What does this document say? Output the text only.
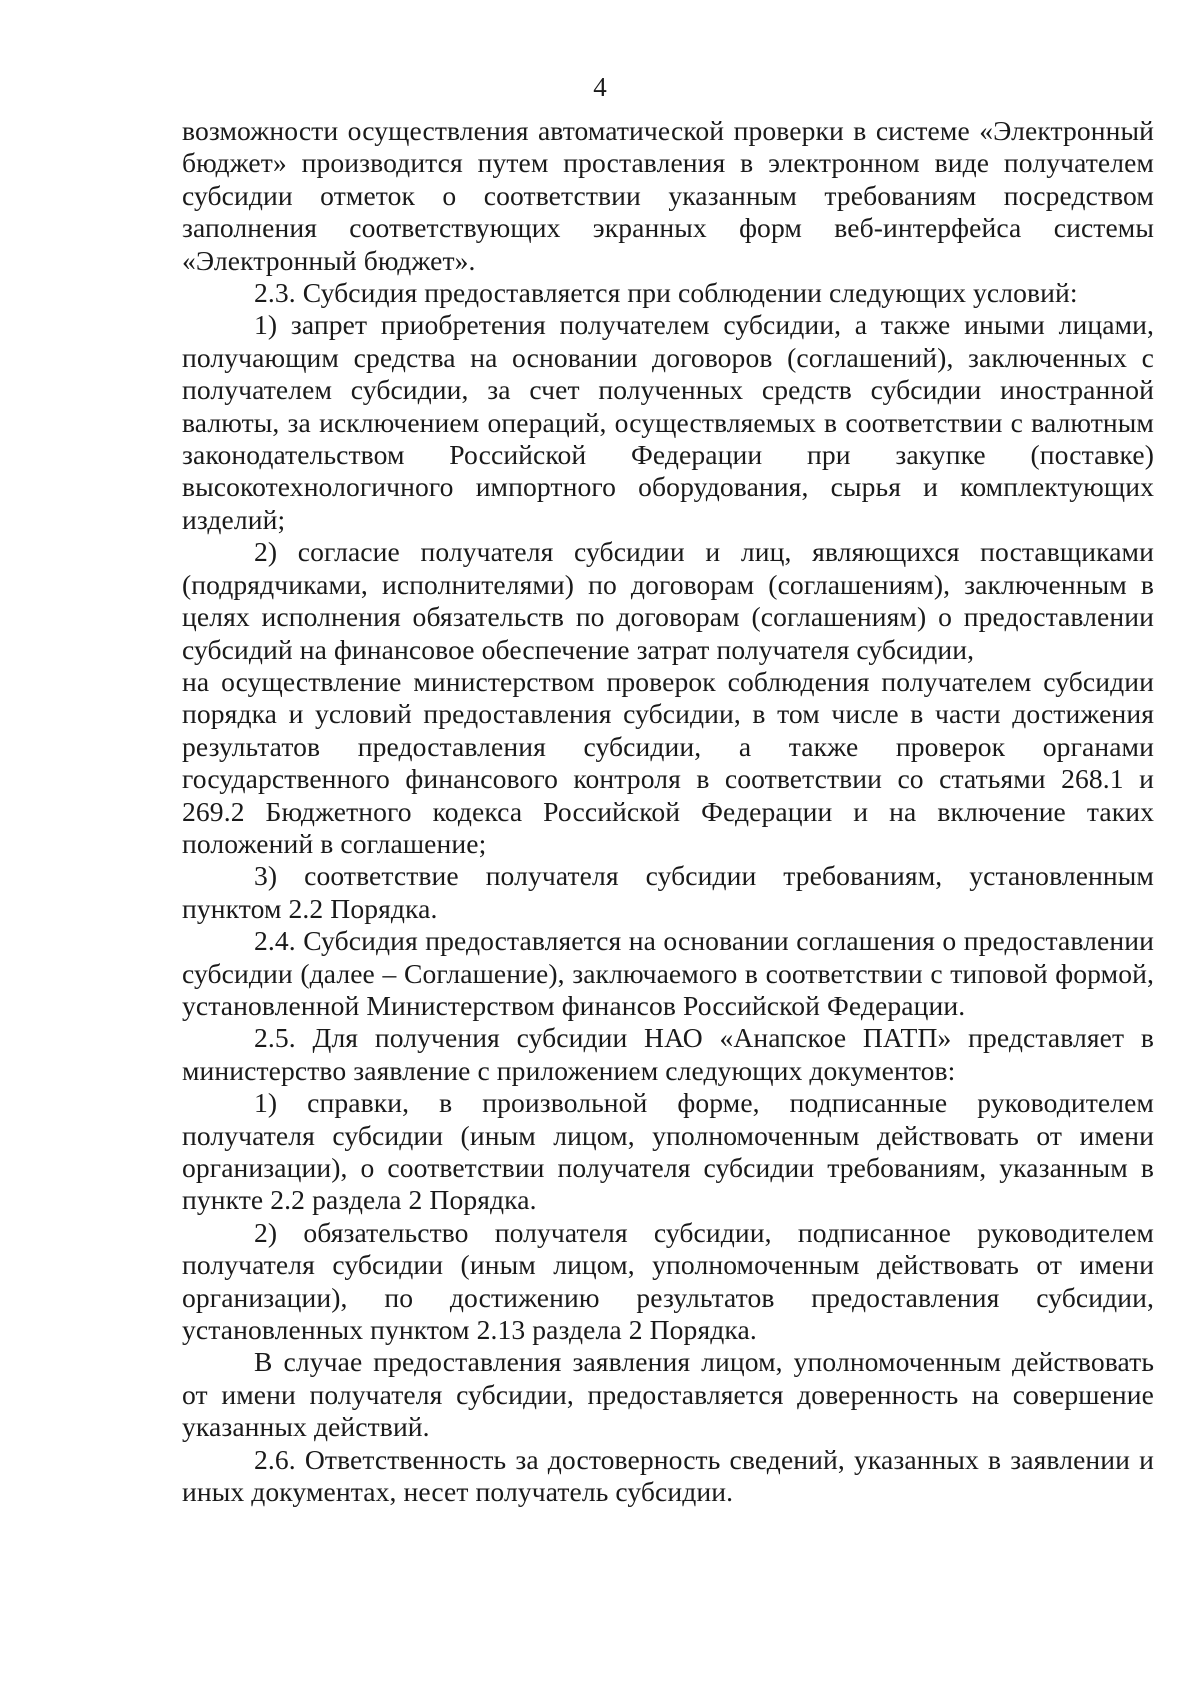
4

возможности осуществления автоматической проверки в системе «Электронный бюджет» производится путем проставления в электронном виде получателем субсидии отметок о соответствии указанным требованиям посредством заполнения соответствующих экранных форм веб-интерфейса системы «Электронный бюджет».

2.3. Субсидия предоставляется при соблюдении следующих условий:

1) запрет приобретения получателем субсидии, а также иными лицами, получающим средства на основании договоров (соглашений), заключенных с получателем субсидии, за счет полученных средств субсидии иностранной валюты, за исключением операций, осуществляемых в соответствии с валютным законодательством Российской Федерации при закупке (поставке) высокотехнологичного импортного оборудования, сырья и комплектующих изделий;

2) согласие получателя субсидии и лиц, являющихся поставщиками (подрядчиками, исполнителями) по договорам (соглашениям), заключенным в целях исполнения обязательств по договорам (соглашениям) о предоставлении субсидий на финансовое обеспечение затрат получателя субсидии,

на осуществление министерством проверок соблюдения получателем субсидии порядка и условий предоставления субсидии, в том числе в части достижения результатов предоставления субсидии, а также проверок органами государственного финансового контроля в соответствии со статьями 268.1 и 269.2 Бюджетного кодекса Российской Федерации и на включение таких положений в соглашение;

3) соответствие получателя субсидии требованиям, установленным пунктом 2.2 Порядка.

2.4. Субсидия предоставляется на основании соглашения о предоставлении субсидии (далее – Соглашение), заключаемого в соответствии с типовой формой, установленной Министерством финансов Российской Федерации.

2.5. Для получения субсидии НАО «Анапское ПАТП» представляет в министерство заявление с приложением следующих документов:

1) справки, в произвольной форме, подписанные руководителем получателя субсидии (иным лицом, уполномоченным действовать от имени организации), о соответствии получателя субсидии требованиям, указанным в пункте 2.2 раздела 2 Порядка.

2) обязательство получателя субсидии, подписанное руководителем получателя субсидии (иным лицом, уполномоченным действовать от имени организации), по достижению результатов предоставления субсидии, установленных пунктом 2.13 раздела 2 Порядка.

В случае предоставления заявления лицом, уполномоченным действовать от имени получателя субсидии, предоставляется доверенность на совершение указанных действий.

2.6. Ответственность за достоверность сведений, указанных в заявлении и иных документах, несет получатель субсидии.
